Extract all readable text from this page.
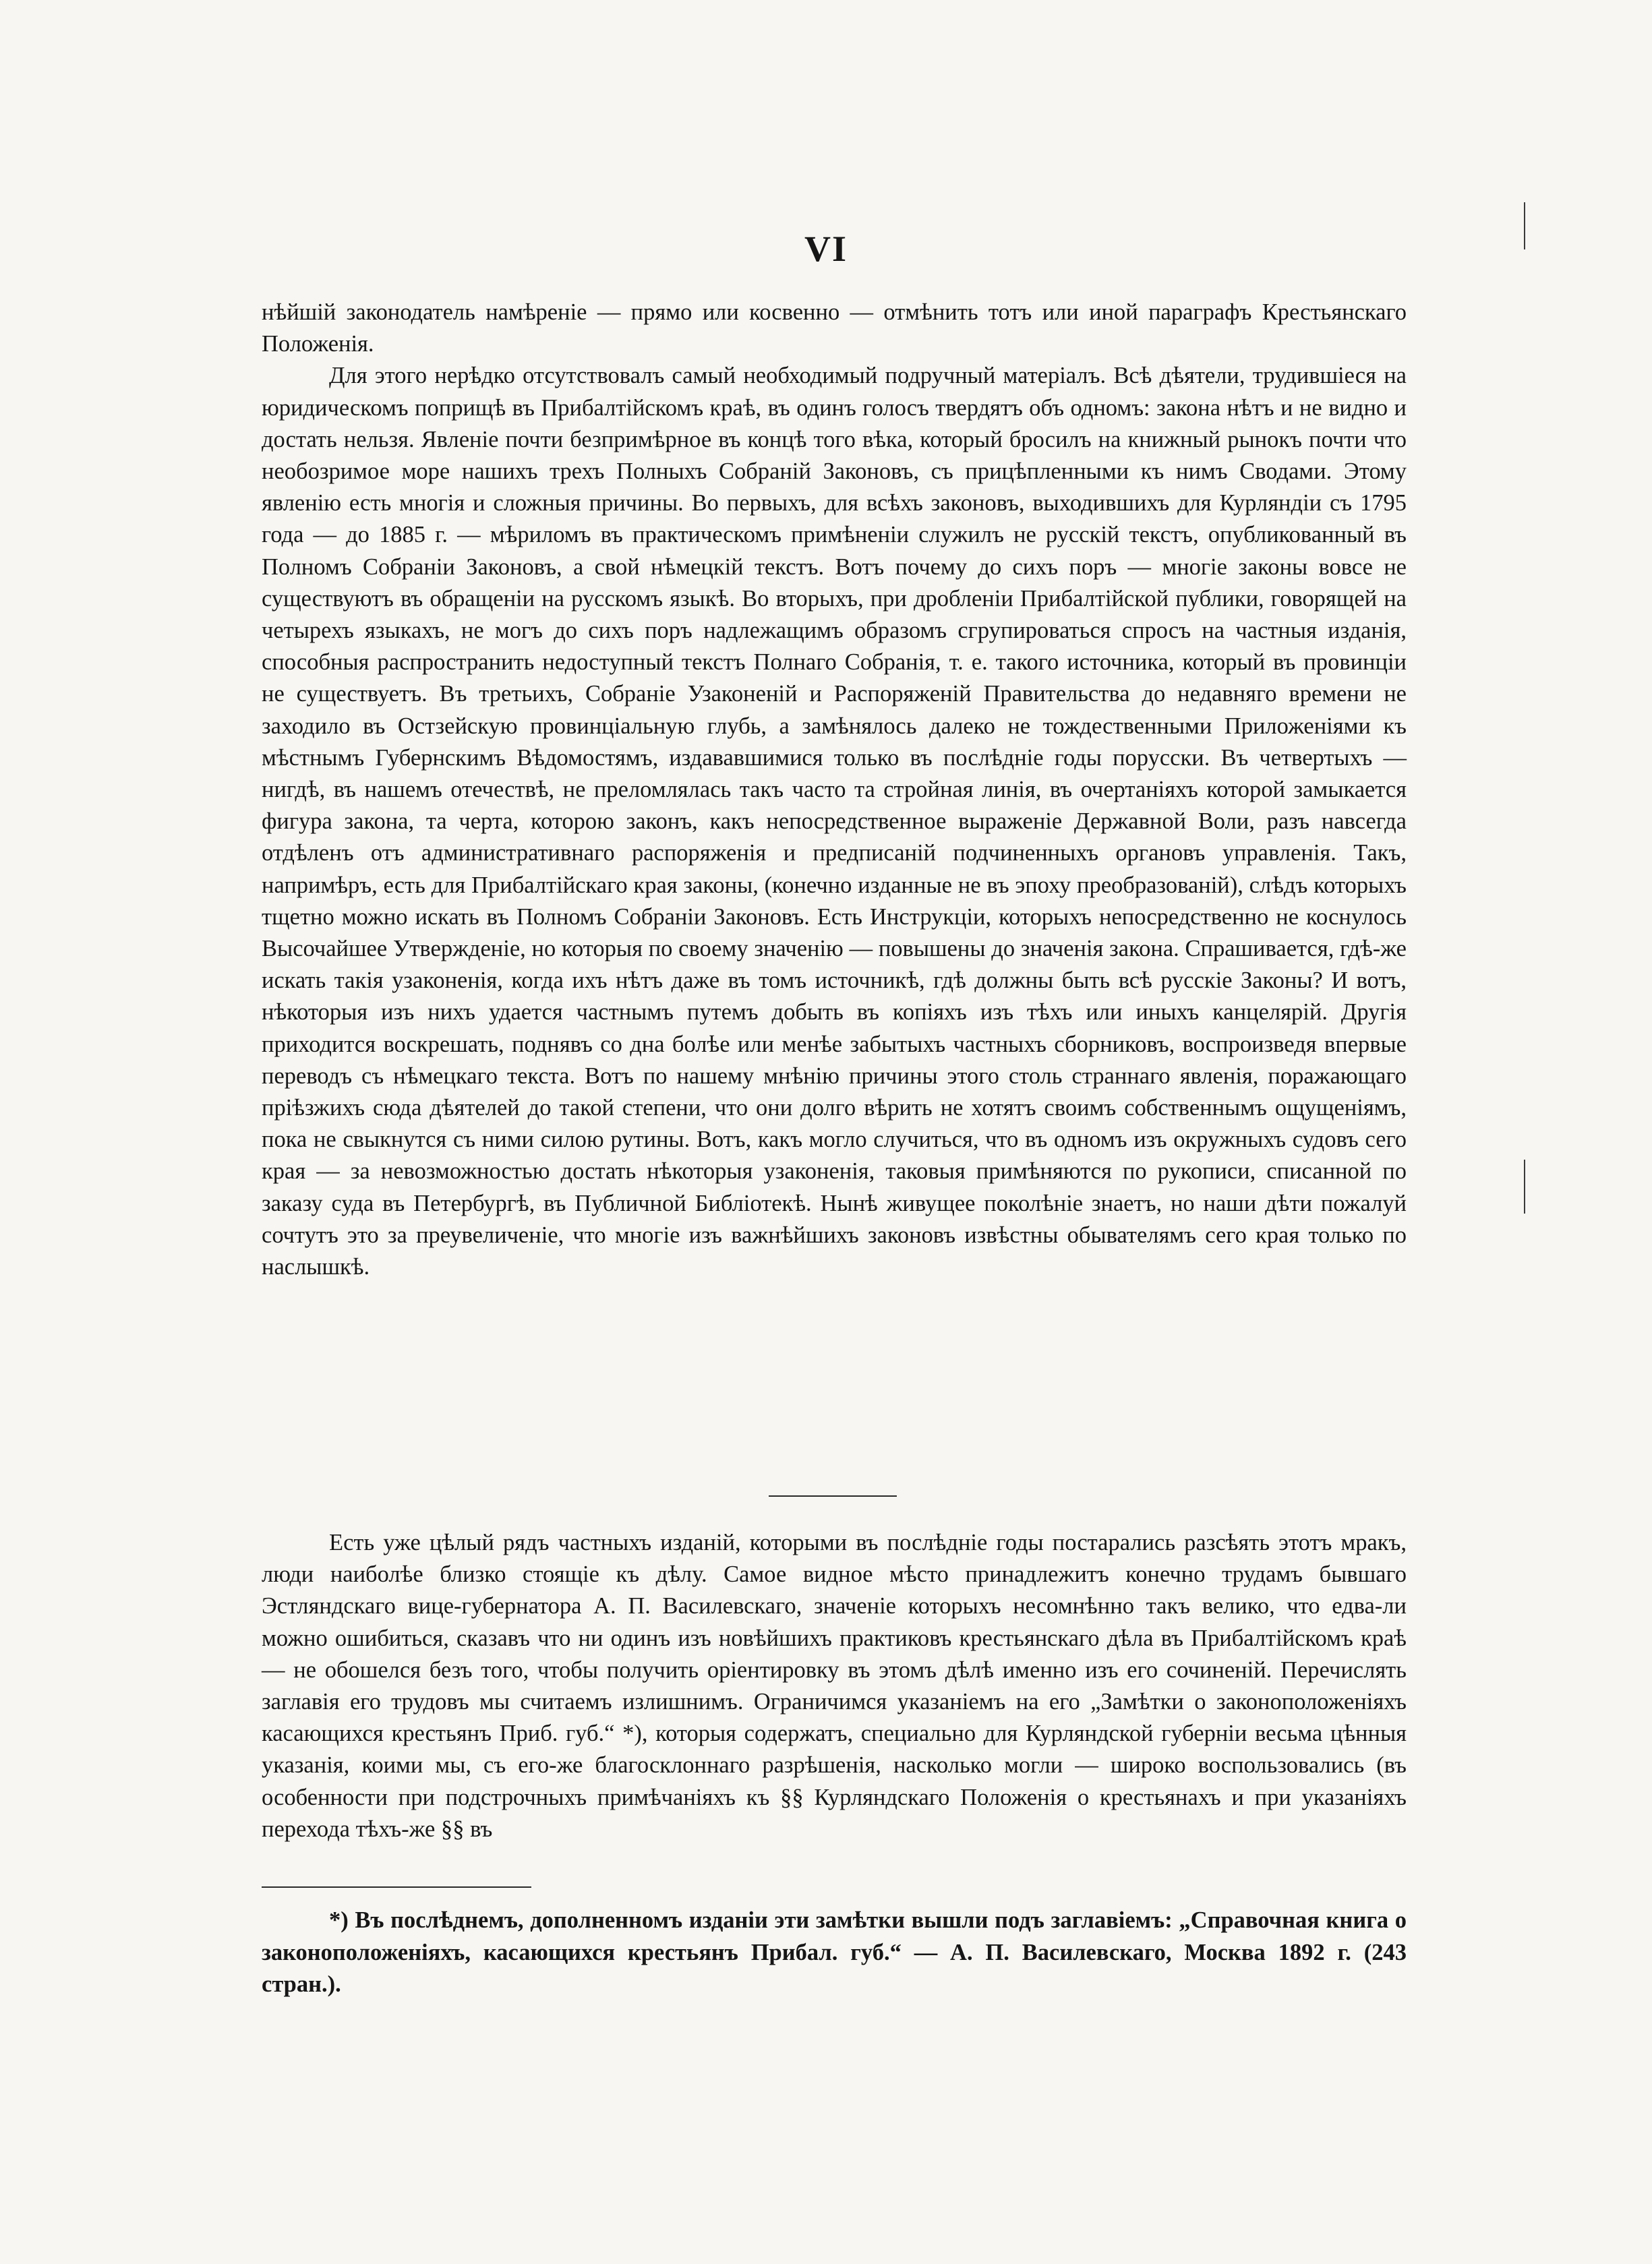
VI

нѣйшій законодатель намѣреніе — прямо или косвенно — отмѣнить тотъ или иной параграфъ Крестьянскаго Положенія.

Для этого нерѣдко отсутствовалъ самый необходимый подручный матеріалъ. Всѣ дѣятели, трудившіеся на юридическомъ поприщѣ въ Прибалтійскомъ краѣ, въ одинъ голосъ твердятъ объ одномъ: закона нѣтъ и не видно и достать нельзя. Явленіе почти безпримѣрное въ концѣ того вѣка, который бросилъ на книжный рынокъ почти что необозримое море нашихъ трехъ Полныхъ Собраній Законовъ, съ прицѣпленными къ нимъ Сводами. Этому явленію есть многія и сложныя причины. Во первыхъ, для всѣхъ законовъ, выходившихъ для Курляндіи съ 1795 года — до 1885 г. — мѣриломъ въ практическомъ примѣненіи служилъ не русскій текстъ, опубликованный въ Полномъ Собраніи Законовъ, а свой нѣмецкій текстъ. Вотъ почему до сихъ поръ — многіе законы вовсе не существуютъ въ обращеніи на русскомъ языкѣ. Во вторыхъ, при дробленіи Прибалтійской публики, говорящей на четырехъ языкахъ, не могъ до сихъ поръ надлежащимъ образомъ сгрупироваться спросъ на частныя изданія, способныя распространить недоступный текстъ Полнаго Собранія, т. е. такого источника, который въ провинціи не существуетъ. Въ третьихъ, Собраніе Узаконеній и Распоряженій Правительства до недавняго времени не заходило въ Остзейскую провинціальную глубь, а замѣнялось далеко не тождественными Приложеніями къ мѣстнымъ Губернскимъ Вѣдомостямъ, издававшимися только въ послѣдніе годы порусски. Въ четвертыхъ — нигдѣ, въ нашемъ отечествѣ, не преломлялась такъ часто та стройная линія, въ очертаніяхъ которой замыкается фигура закона, та черта, которою законъ, какъ непосредственное выраженіе Державной Воли, разъ навсегда отдѣленъ отъ административнаго распоряженія и предписаній подчиненныхъ органовъ управленія. Такъ, напримѣръ, есть для Прибалтійскаго края законы, (конечно изданные не въ эпоху преобразованій), слѣдъ которыхъ тщетно можно искать въ Полномъ Собраніи Законовъ. Есть Инструкціи, которыхъ непосредственно не коснулось Высочайшее Утвержденіе, но которыя по своему значенію — повышены до значенія закона. Спрашивается, гдѣ-же искать такія узаконенія, когда ихъ нѣтъ даже въ томъ источникѣ, гдѣ должны быть всѣ русскіе Законы? И вотъ, нѣкоторыя изъ нихъ удается частнымъ путемъ добыть въ копіяхъ изъ тѣхъ или иныхъ канцелярій. Другія приходится воскрешать, поднявъ со дна болѣе или менѣе забытыхъ частныхъ сборниковъ, воспроизведя впервые переводъ съ нѣмецкаго текста. Вотъ по нашему мнѣнію причины этого столь страннаго явленія, поражающаго пріѣзжихъ сюда дѣятелей до такой степени, что они долго вѣрить не хотятъ своимъ собственнымъ ощущеніямъ, пока не свыкнутся съ ними силою рутины. Вотъ, какъ могло случиться, что въ одномъ изъ окружныхъ судовъ сего края — за невозможностью достать нѣкоторыя узаконенія, таковыя примѣняются по рукописи, списанной по заказу суда въ Петербургѣ, въ Публичной Библіотекѣ. Нынѣ живущее поколѣніе знаетъ, но наши дѣти пожалуй сочтутъ это за преувеличеніе, что многіе изъ важнѣйшихъ законовъ извѣстны обывателямъ сего края только по наслышкѣ.

Есть уже цѣлый рядъ частныхъ изданій, которыми въ послѣдніе годы постарались разсѣять этотъ мракъ, люди наиболѣе близко стоящіе къ дѣлу. Самое видное мѣсто принадлежитъ конечно трудамъ бывшаго Эстляндскаго вице-губернатора А. П. Василевскаго, значеніе которыхъ несомнѣнно такъ велико, что едва-ли можно ошибиться, сказавъ что ни одинъ изъ новѣйшихъ практиковъ крестьянскаго дѣла въ Прибалтійскомъ краѣ — не обошелся безъ того, чтобы получить оріентировку въ этомъ дѣлѣ именно изъ его сочиненій. Перечислять заглавія его трудовъ мы считаемъ излишнимъ. Ограничимся указаніемъ на его „Замѣтки о законоположеніяхъ касающихся крестьянъ Приб. губ.“ *), которыя содержатъ, специально для Курляндской губерніи весьма цѣнныя указанія, коими мы, съ его-же благосклоннаго разрѣшенія, насколько могли — широко воспользовались (въ особенности при подстрочныхъ примѣчаніяхъ къ §§ Курляндскаго Положенія о крестьянахъ и при указаніяхъ перехода тѣхъ-же §§ въ

*) Въ послѣднемъ, дополненномъ изданіи эти замѣтки вышли подъ заглавіемъ: „Справочная книга о законоположеніяхъ, касающихся крестьянъ Прибал. губ.“ — А. П. Василевскаго, Москва 1892 г. (243 стран.).
